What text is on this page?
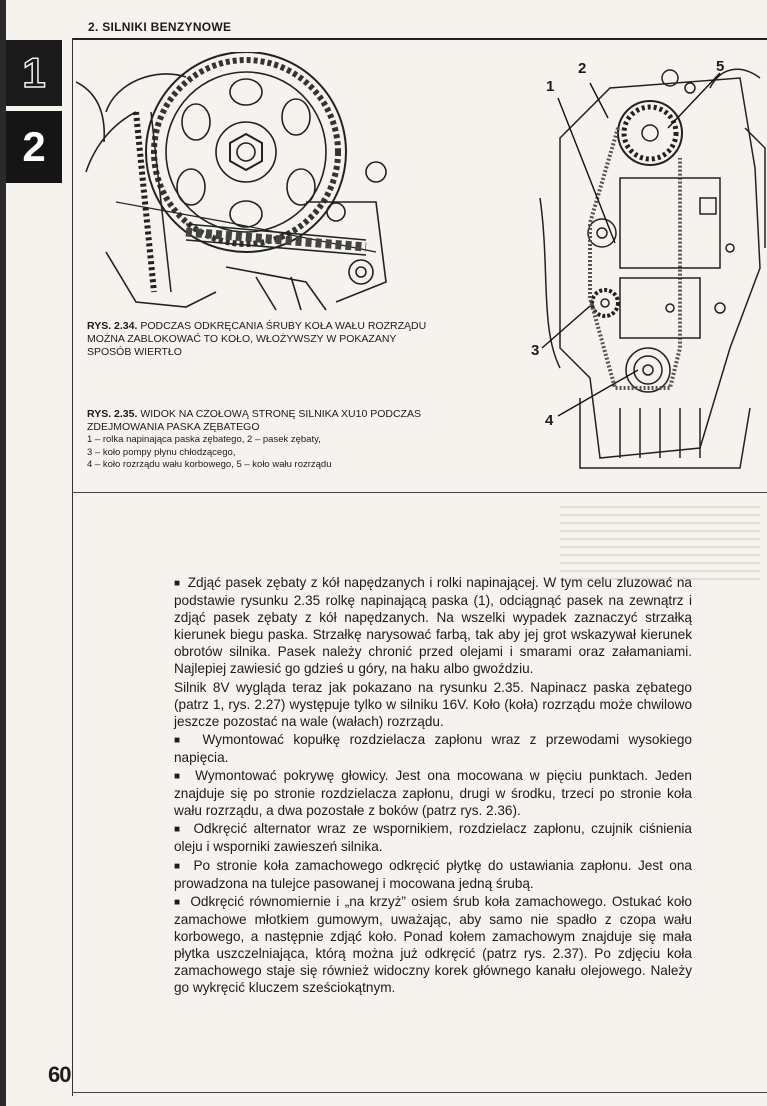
1
2
2. SILNIKI BENZYNOWE
RYS. 2.34. PODCZAS ODKRĘCANIA ŚRUBY KOŁA WAŁU ROZRZĄDU MOŻNA ZABLOKOWAĆ TO KOŁO, WŁOŻYWSZY W POKAZANY SPOSÓB WIERTŁO
RYS. 2.35. WIDOK NA CZOŁOWĄ STRONĘ SILNIKA XU10 PODCZAS ZDEJMOWANIA PASKA ZĘBATEGO
1 – rolka napinająca paska zębatego, 2 – pasek zębaty,
3 – koło pompy płynu chłodzącego,
4 – koło rozrządu wału korbowego, 5 – koło wału rozrządu
1
2
3
4
5

■  Zdjąć pasek zębaty z kół napędzanych i rolki napinającej. W tym celu zluzować na podstawie rysunku 2.35 rolkę napinającą paska (1), odciągnąć pasek na zewnątrz i zdjąć pasek zębaty z kół napędzanych. Na wszelki wypadek zaznaczyć strzałką kierunek biegu paska. Strzałkę narysować farbą, tak aby jej grot wskazywał kierunek obrotów silnika. Pasek należy chronić przed olejami i smarami oraz załamaniami. Najlepiej zawiesić go gdzieś u góry, na haku albo gwoździu.

Silnik 8V wygląda teraz jak pokazano na rysunku 2.35. Napinacz paska zębatego (patrz 1, rys. 2.27) występuje tylko w silniku 16V. Koło (koła) rozrządu może chwilowo jeszcze pozostać na wale (wałach) rozrządu.

■  Wymontować kopułkę rozdzielacza zapłonu wraz z przewodami wysokiego napięcia.

■  Wymontować pokrywę głowicy. Jest ona mocowana w pięciu punktach. Jeden znajduje się po stronie rozdzielacza zapłonu, drugi w środku, trzeci po stronie koła wału rozrządu, a dwa pozostałe z boków (patrz rys. 2.36).

■  Odkręcić alternator wraz ze wspornikiem, rozdzielacz zapłonu, czujnik ciśnienia oleju i wsporniki zawieszeń silnika.

■  Po stronie koła zamachowego odkręcić płytkę do ustawiania zapłonu. Jest ona prowadzona na tulejce pasowanej i mocowana jedną śrubą.

■  Odkręcić równomiernie i „na krzyż” osiem śrub koła zamachowego. Ostukać koło zamachowe młotkiem gumowym, uważając, aby samo nie spadło z czopa wału korbowego, a następnie zdjąć koło. Ponad kołem zamachowym znajduje się mała płytka uszczelniająca, którą można już odkręcić (patrz rys. 2.37). Po zdjęciu koła zamachowego staje się również widoczny korek głównego kanału olejowego. Należy go wykręcić kluczem sześciokątnym.

60
